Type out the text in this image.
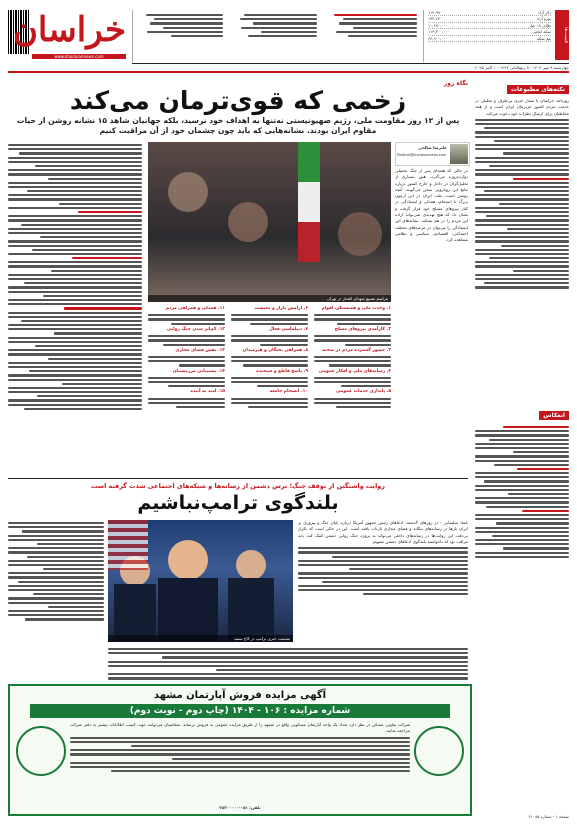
خراسان
www.khorasannews.com
قیمت‌ها
دلار آزاد
۱۱۴,۹۹۰
یورو آزاد
۱۳۴,۶۴۰
طلای ۱۸ عیار
۱۰,۶۹۰,۰۰۰
سکه امامی
۱۱۳,۳۰۰,۰۰۰
نیم سکه
۶۳,۹۰۰,۰۰۰
چهارشنبه ۹ مهر ۱۴۰۴ - ۸ ربیع‌الثانی ۱۴۴۷ - ۱ اکتبر ۲۰۲۵
نکته‌های مطبوعات
روزنامه خراسان با شعار خبری بی‌طرف و تحلیلی در خدمت مردم کشور عزیزمان ایران است و از همه مخاطبان برای ارسال نظرات خود دعوت می‌کند.
انعکاس
نگاه روز
زخمی که قوی‌ترمان می‌کند
پس از ۱۲ روز مقاومت ملی، رژیم صهیونیستی نه‌تنها به اهداف خود نرسید، بلکه جهانیان شاهد ۱۵ نشانه روشن از حیات مقاوم ایران بودند. نشانه‌هایی که باید چون چشمان خود از آن مراقبت کنیم
علیرضا صالحی
Political@khorasannews.com
مراسم تشییع شهدای اقتدار در تهران
در حالی که هفته‌ای پس از جنگ تحمیلی دوازده‌روزه می‌گذرد، هنوز بسیاری از تحلیل‌گران در داخل و خارج کشور درباره نتایج این رویارویی سخن می‌گویند. آنچه روشن است، ملت ایران در این آزمون بزرگ با انسجام، همدلی و ایستادگی در کنار نیروهای مسلح خود قرار گرفت و نشان داد که هیچ تهدیدی نمی‌تواند اراده این مردم را در هم بشکند. نشانه‌های این ایستادگی را می‌توان در عرصه‌های مختلف اجتماعی، اقتصادی، سیاسی و نظامی مشاهده کرد.
۱. وحدت ملی و همبستگی اقوام
۲. کارآمدی نیروهای مسلح
۳. حضور گسترده مردم در صحنه
۴. رسانه‌های ملی و افکار عمومی
۵. پایداری خدمات عمومی
۶. آرامش بازار و معیشت
۷. دیپلماسی فعال
۸. همراهی نخبگان و هنرمندان
۹. پاسخ قاطع و سنجیده
۱۰. انسجام جامعه
۱۱. همدلی و همراهی مردم
۱۲. کم‌اثر شدن جنگ روانی
۱۳. نقش فضای مجازی
۱۴. پشتیبانی مرزنشینان
۱۵. امید به آینده
روایت واشنگتن از توقف جنگ؛ ترس دشمن از رسانه‌ها و شبکه‌های اجتماعی شدت گرفته است
بلندگوی ترامپ‌نباشیم
نشست خبری ترامپ در کاخ سفید
عماد سلیمانی - در روزهای گذشته، ادعاهای رئیس جمهور آمریکا درباره پایان جنگ و پیروزی بر ایران بارها در رسانه‌های بیگانه و فضای مجازی بازتاب یافته است. این در حالی است که تکرار بی‌دقت این روایت‌ها در رسانه‌های داخلی می‌تواند به پروژه جنگ روانی دشمن کمک کند. باید مراقب بود که ناخواسته بلندگوی ادعاهای دشمن نشویم.
آگهی مزایده فروش آپارتمان مشهد
شماره مزایده : ۱۰۶ - ۱۴۰۴ (چاپ دوم - نوبت دوم)
شرکت تعاونی مسکن در نظر دارد تعداد یک واحد آپارتمان مسکونی واقع در مشهد را از طریق مزایده عمومی به فروش برساند. متقاضیان می‌توانند جهت کسب اطلاعات بیشتر به دفتر شرکت مراجعه نمایند.
تلفن: ۰۵۱-۳۸۴۰۰۰۰۰
صفحه ۱ - شماره ۲۱۰۸۵
